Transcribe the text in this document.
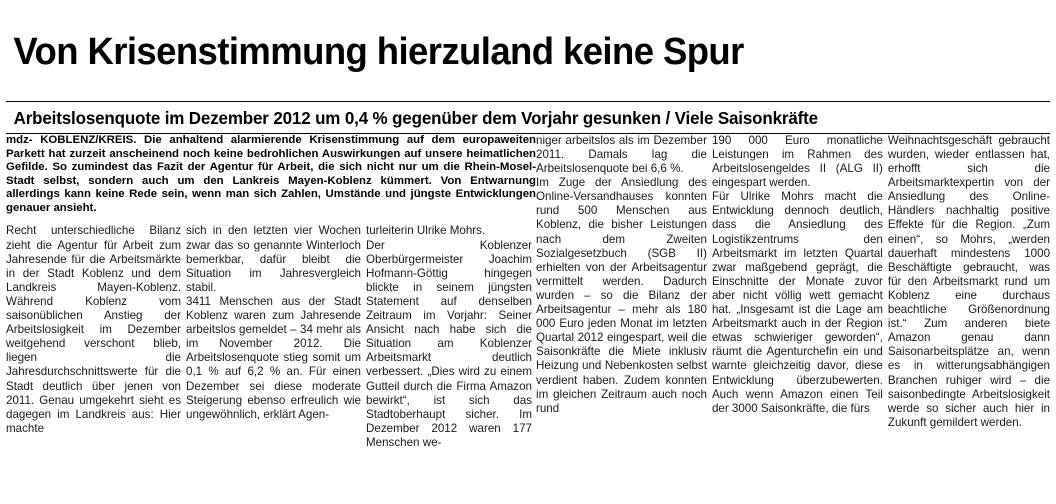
Von Krisenstimmung hierzuland keine Spur
Arbeitslosenquote im Dezember 2012 um 0,4 % gegenüber dem Vorjahr gesunken / Viele Saisonkräfte

mdz- KOBLENZ/KREIS. Die anhaltend alarmierende Krisenstimmung auf dem europaweiten Parkett hat zurzeit anscheinend noch keine bedrohlichen Auswirkungen auf unsere heimatlichen Gefilde. So zumindest das Fazit der Agentur für Arbeit, die sich nicht nur um die Rhein-Mosel-Stadt selbst, sondern auch um den Lankreis Mayen-Koblenz kümmert. Von Entwarnung allerdings kann keine Rede sein, wenn man sich Zahlen, Umstände und jüngste Entwicklungen genauer ansieht.

Recht unterschiedliche Bilanz zieht die Agentur für Arbeit zum Jahresende für die Arbeitsmärkte in der Stadt Koblenz und dem Landkreis Mayen-Koblenz. Während Koblenz vom saisonüblichen Anstieg der Arbeitslosigkeit im Dezember weitgehend verschont blieb, liegen die Jahresdurchschnittswerte für die Stadt deutlich über jenen von 2011. Genau umgekehrt sieht es dagegen im Landkreis aus: Hier machte

sich in den letzten vier Wochen zwar das so genannte Winterloch bemerkbar, dafür bleibt die Situation im Jahresvergleich stabil.

3411 Menschen aus der Stadt Koblenz waren zum Jahresende arbeitslos gemeldet – 34 mehr als im November 2012. Die Arbeitslosenquote stieg somit um 0,1 % auf 6,2 % an. Für einen Dezember sei diese moderate Steigerung ebenso erfreulich wie ungewöhnlich, erklärt Agen-

turleiterin Ulrike Mohrs.

Der Koblenzer Oberbürgermeister Joachim Hofmann-Göttig hingegen blickte in seinem jüngsten Statement auf denselben Zeitraum im Vorjahr: Seiner Ansicht nach habe sich die Situation am Koblenzer Arbeitsmarkt deutlich verbessert. „Dies wird zu einem Gutteil durch die Firma Amazon bewirkt“, ist sich das Stadtoberhaupt sicher. Im Dezember 2012 waren 177 Menschen we-

niger arbeitslos als im Dezember 2011. Damals lag die Arbeitslosenquote bei 6,6 %.

Im Zuge der Ansiedlung des Online-Versandhauses konnten rund 500 Menschen aus Koblenz, die bisher Leistungen nach dem Zweiten Sozialgesetzbuch (SGB II) erhielten von der Arbeitsagentur vermittelt werden. Dadurch wurden – so die Bilanz der Arbeitsagentur – mehr als 180 000 Euro jeden Monat im letzten Quartal 2012 eingespart, weil die Saisonkräfte die Miete inklusiv Heizung und Nebenkosten selbst verdient haben. Zudem konnten im gleichen Zeitraum auch noch rund

190 000 Euro monatliche Leistungen im Rahmen des Arbeitslosengeldes II (ALG II) eingespart werden.

Für Ulrike Mohrs macht die Entwicklung dennoch deutlich, dass die Ansiedlung des Logistikzentrums den Arbeitsmarkt im letzten Quartal zwar maßgebend geprägt, die Einschnitte der Monate zuvor aber nicht völlig wett gemacht hat. „Insgesamt ist die Lage am Arbeitsmarkt auch in der Region etwas schwieriger geworden“, räumt die Agenturchefin ein und warnte gleichzeitig davor, diese Entwicklung überzubewerten. Auch wenn Amazon einen Teil der 3000 Saisonkräfte, die fürs

Weihnachtsgeschäft gebraucht wurden, wieder entlassen hat, erhofft sich die Arbeitsmarktexpertin von der Ansiedlung des Online-Händlers nachhaltig positive Effekte für die Region. „Zum einen“, so Mohrs, „werden dauerhaft mindestens 1000 Beschäftigte gebraucht, was für den Arbeitsmarkt rund um Koblenz eine durchaus beachtliche Größenordnung ist.“ Zum anderen biete Amazon genau dann Saisonarbeitsplätze an, wenn es in witterungsabhängigen Branchen ruhiger wird – die saisonbedingte Arbeitslosigkeit werde so sicher auch hier in Zukunft gemildert werden.
